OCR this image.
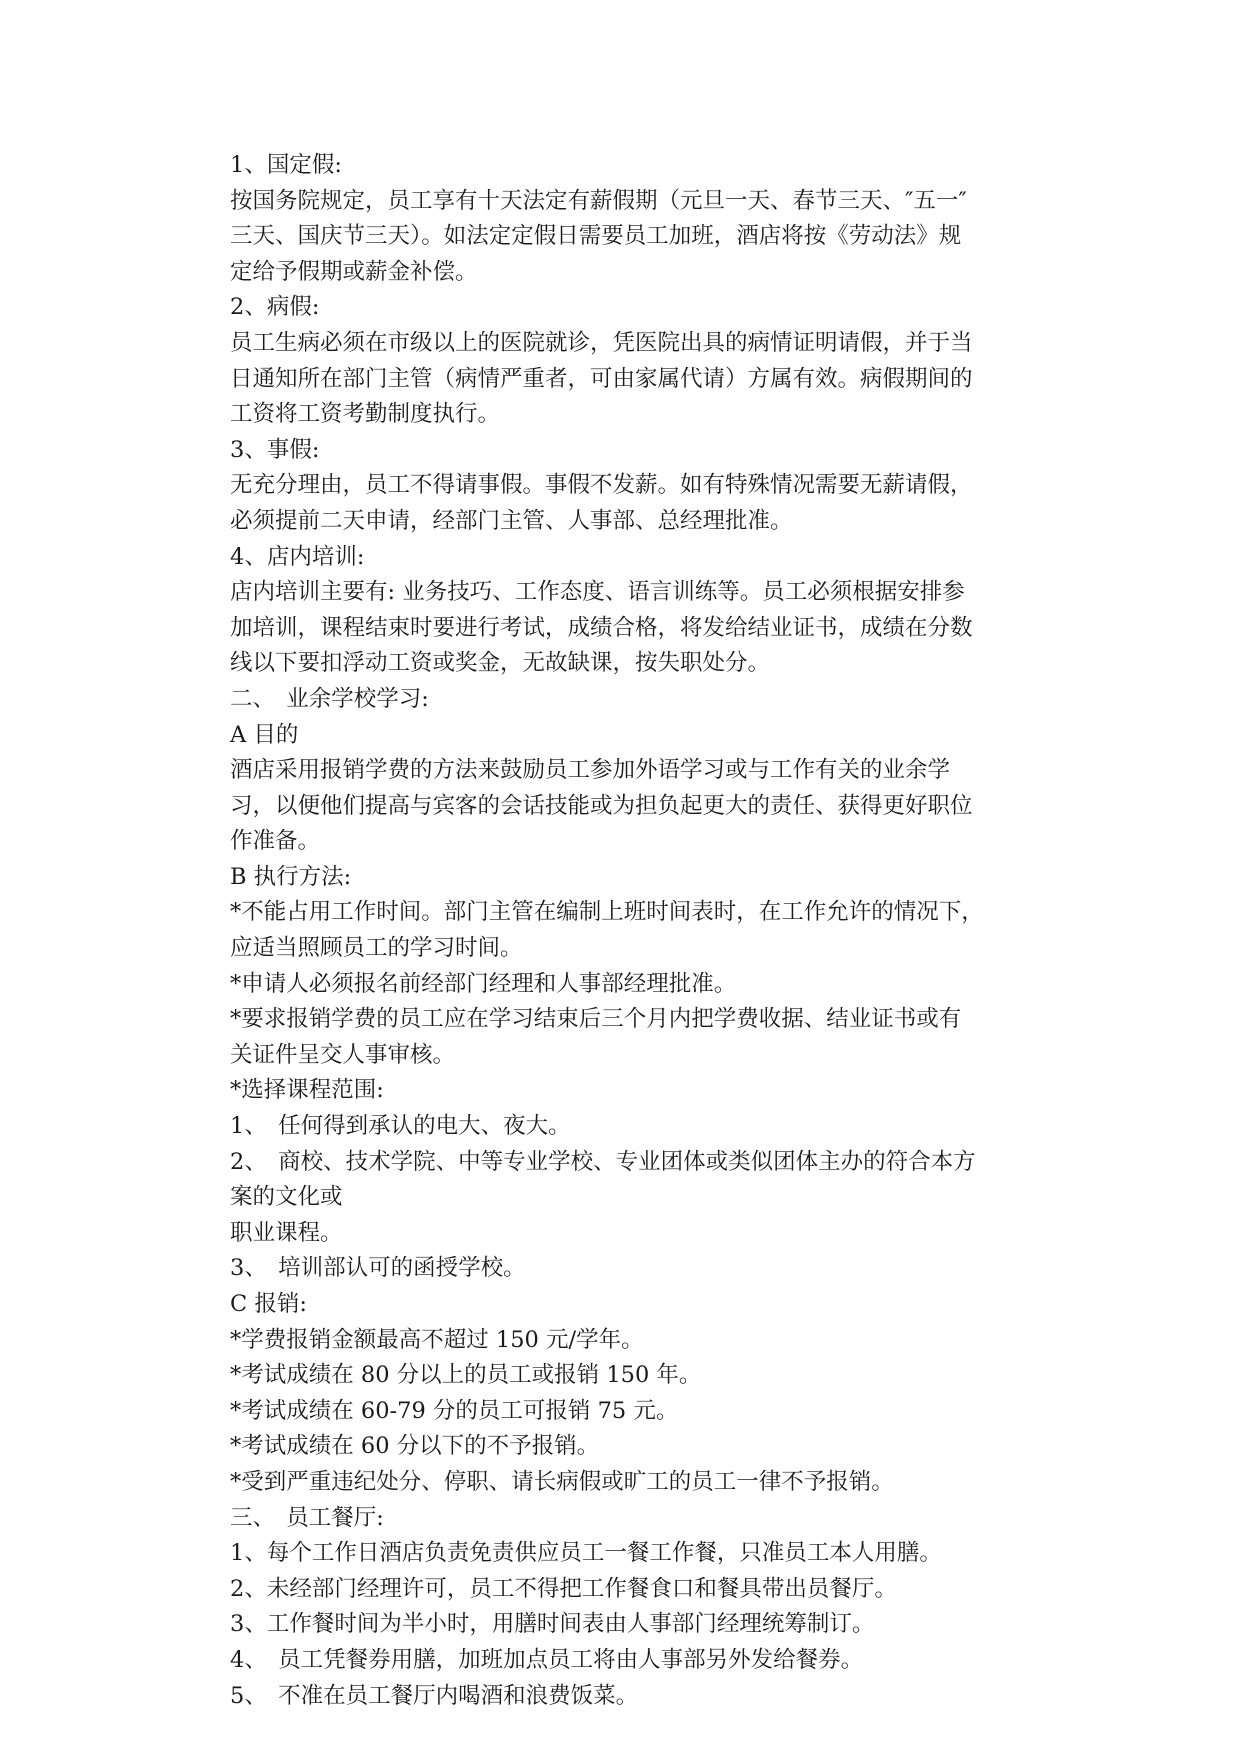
1、国定假:
按国务院规定，员工享有十天法定有薪假期（元旦一天、春节三天、″五一″
三天、国庆节三天）。如法定定假日需要员工加班，酒店将按《劳动法》规
定给予假期或薪金补偿。
2、病假:
员工生病必须在市级以上的医院就诊，凭医院出具的病情证明请假，并于当
日通知所在部门主管（病情严重者，可由家属代请）方属有效。病假期间的
工资将工资考勤制度执行。
3、事假:
无充分理由，员工不得请事假。事假不发薪。如有特殊情况需要无薪请假，
必须提前二天申请，经部门主管、人事部、总经理批准。
4、店内培训:
店内培训主要有: 业务技巧、工作态度、语言训练等。员工必须根据安排参
加培训，课程结束时要进行考试，成绩合格，将发给结业证书，成绩在分数
线以下要扣浮动工资或奖金，无故缺课，按失职处分。
二、　业余学校学习:
A 目的
酒店采用报销学费的方法来鼓励员工参加外语学习或与工作有关的业余学
习，以便他们提高与宾客的会话技能或为担负起更大的责任、获得更好职位
作准备。
B 执行方法:
*不能占用工作时间。部门主管在编制上班时间表时，在工作允许的情况下，
应适当照顾员工的学习时间。
*申请人必须报名前经部门经理和人事部经理批准。
*要求报销学费的员工应在学习结束后三个月内把学费收据、结业证书或有
关证件呈交人事审核。
*选择课程范围:
1、　任何得到承认的电大、夜大。
2、　商校、技术学院、中等专业学校、专业团体或类似团体主办的符合本方
案的文化或
职业课程。
3、　培训部认可的函授学校。
C 报销:
*学费报销金额最高不超过 150 元/学年。
*考试成绩在 80 分以上的员工或报销 150 年。
*考试成绩在 60-79 分的员工可报销 75 元。
*考试成绩在 60 分以下的不予报销。
*受到严重违纪处分、停职、请长病假或旷工的员工一律不予报销。
三、　员工餐厅:
1、每个工作日酒店负责免责供应员工一餐工作餐，只准员工本人用膳。
2、未经部门经理许可，员工不得把工作餐食口和餐具带出员餐厅。
3、工作餐时间为半小时，用膳时间表由人事部门经理统筹制订。
4、　员工凭餐券用膳，加班加点员工将由人事部另外发给餐券。
5、　不准在员工餐厅内喝酒和浪费饭菜。
